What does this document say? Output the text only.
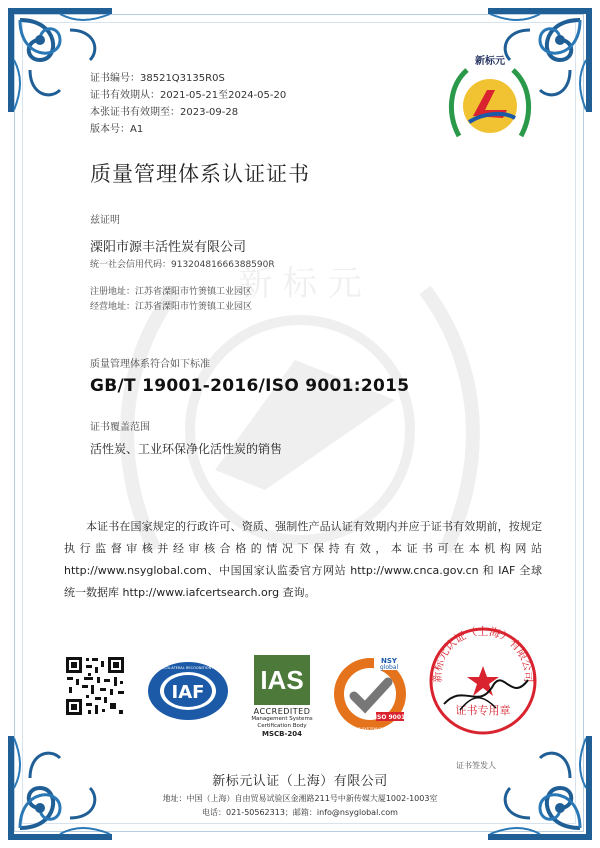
新 标 元
证书编号：38521Q3135R0S
证书有效期从：2021-05-21至2024-05-20
本张证书有效期至：2023-09-28
版本号：A1
新标元
质量管理体系认证证书
兹证明
溧阳市源丰活性炭有限公司
统一社会信用代码：91320481666388590R
注册地址：江苏省溧阳市竹箦镇工业园区
经营地址：江苏省溧阳市竹箦镇工业园区
质量管理体系符合如下标准
GB/T 19001-2016/ISO 9001:2015
证书覆盖范围
活性炭、工业环保净化活性炭的销售
本证书在国家规定的行政许可、资质、强制性产品认证有效期内并应于证书有效期前，按规定执行监督审核并经审核合格的情况下保持有效，本证书可在本机构网站 http://www.nsyglobal.com、中国国家认监委官方网站 http://www.cnca.gov.cn 和 IAF 全球统一数据库 http://www.iafcertsearch.org 查询。
IAF
MEMBER OF MULTILATERAL RECOGNITION ARRANGEMENT IAS
ACCREDITED
Management Systems
Certification Body
MSCB-204
NSY
global
ISO 9001
MANAGEMENT SYSTEM CERTIFICATION
新标元认证（上海）有限公司
证书专用章
证书签发人
新标元认证（上海）有限公司
地址：中国（上海）自由贸易试验区金湘路211号中新传媒大厦1002-1003室
电话：021-50562313；邮箱：info@nsyglobal.com
